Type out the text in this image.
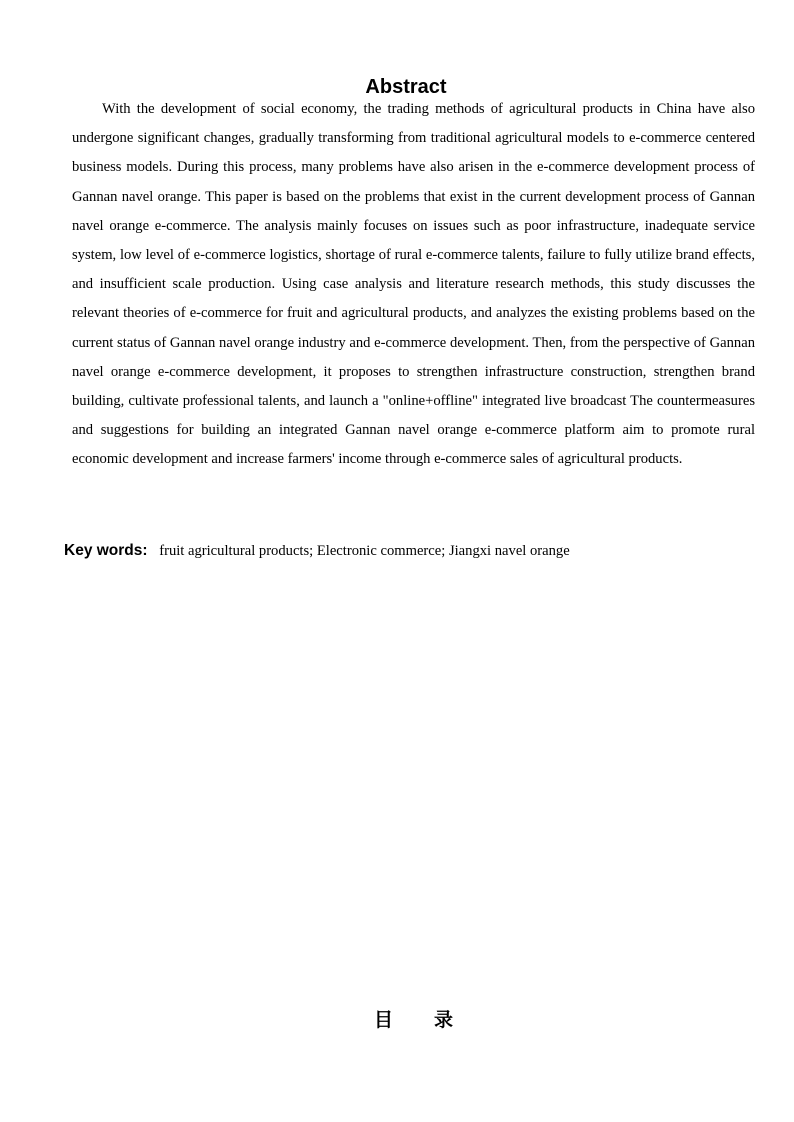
Abstract

With the development of social economy, the trading methods of agricultural products in China have also undergone significant changes, gradually transforming from traditional agricultural models to e-commerce centered business models. During this process, many problems have also arisen in the e-commerce development process of Gannan navel orange. This paper is based on the problems that exist in the current development process of Gannan navel orange e-commerce. The analysis mainly focuses on issues such as poor infrastructure, inadequate service system, low level of e-commerce logistics, shortage of rural e-commerce talents, failure to fully utilize brand effects, and insufficient scale production. Using case analysis and literature research methods, this study discusses the relevant theories of e-commerce for fruit and agricultural products, and analyzes the existing problems based on the current status of Gannan navel orange industry and e-commerce development. Then, from the perspective of Gannan navel orange e-commerce development, it proposes to strengthen infrastructure construction, strengthen brand building, cultivate professional talents, and launch a "online+offline" integrated live broadcast The countermeasures and suggestions for building an integrated Gannan navel orange e-commerce platform aim to promote rural economic development and increase farmers' income through e-commerce sales of agricultural products.

Key words: fruit agricultural products; Electronic commerce; Jiangxi navel orange
目 录
